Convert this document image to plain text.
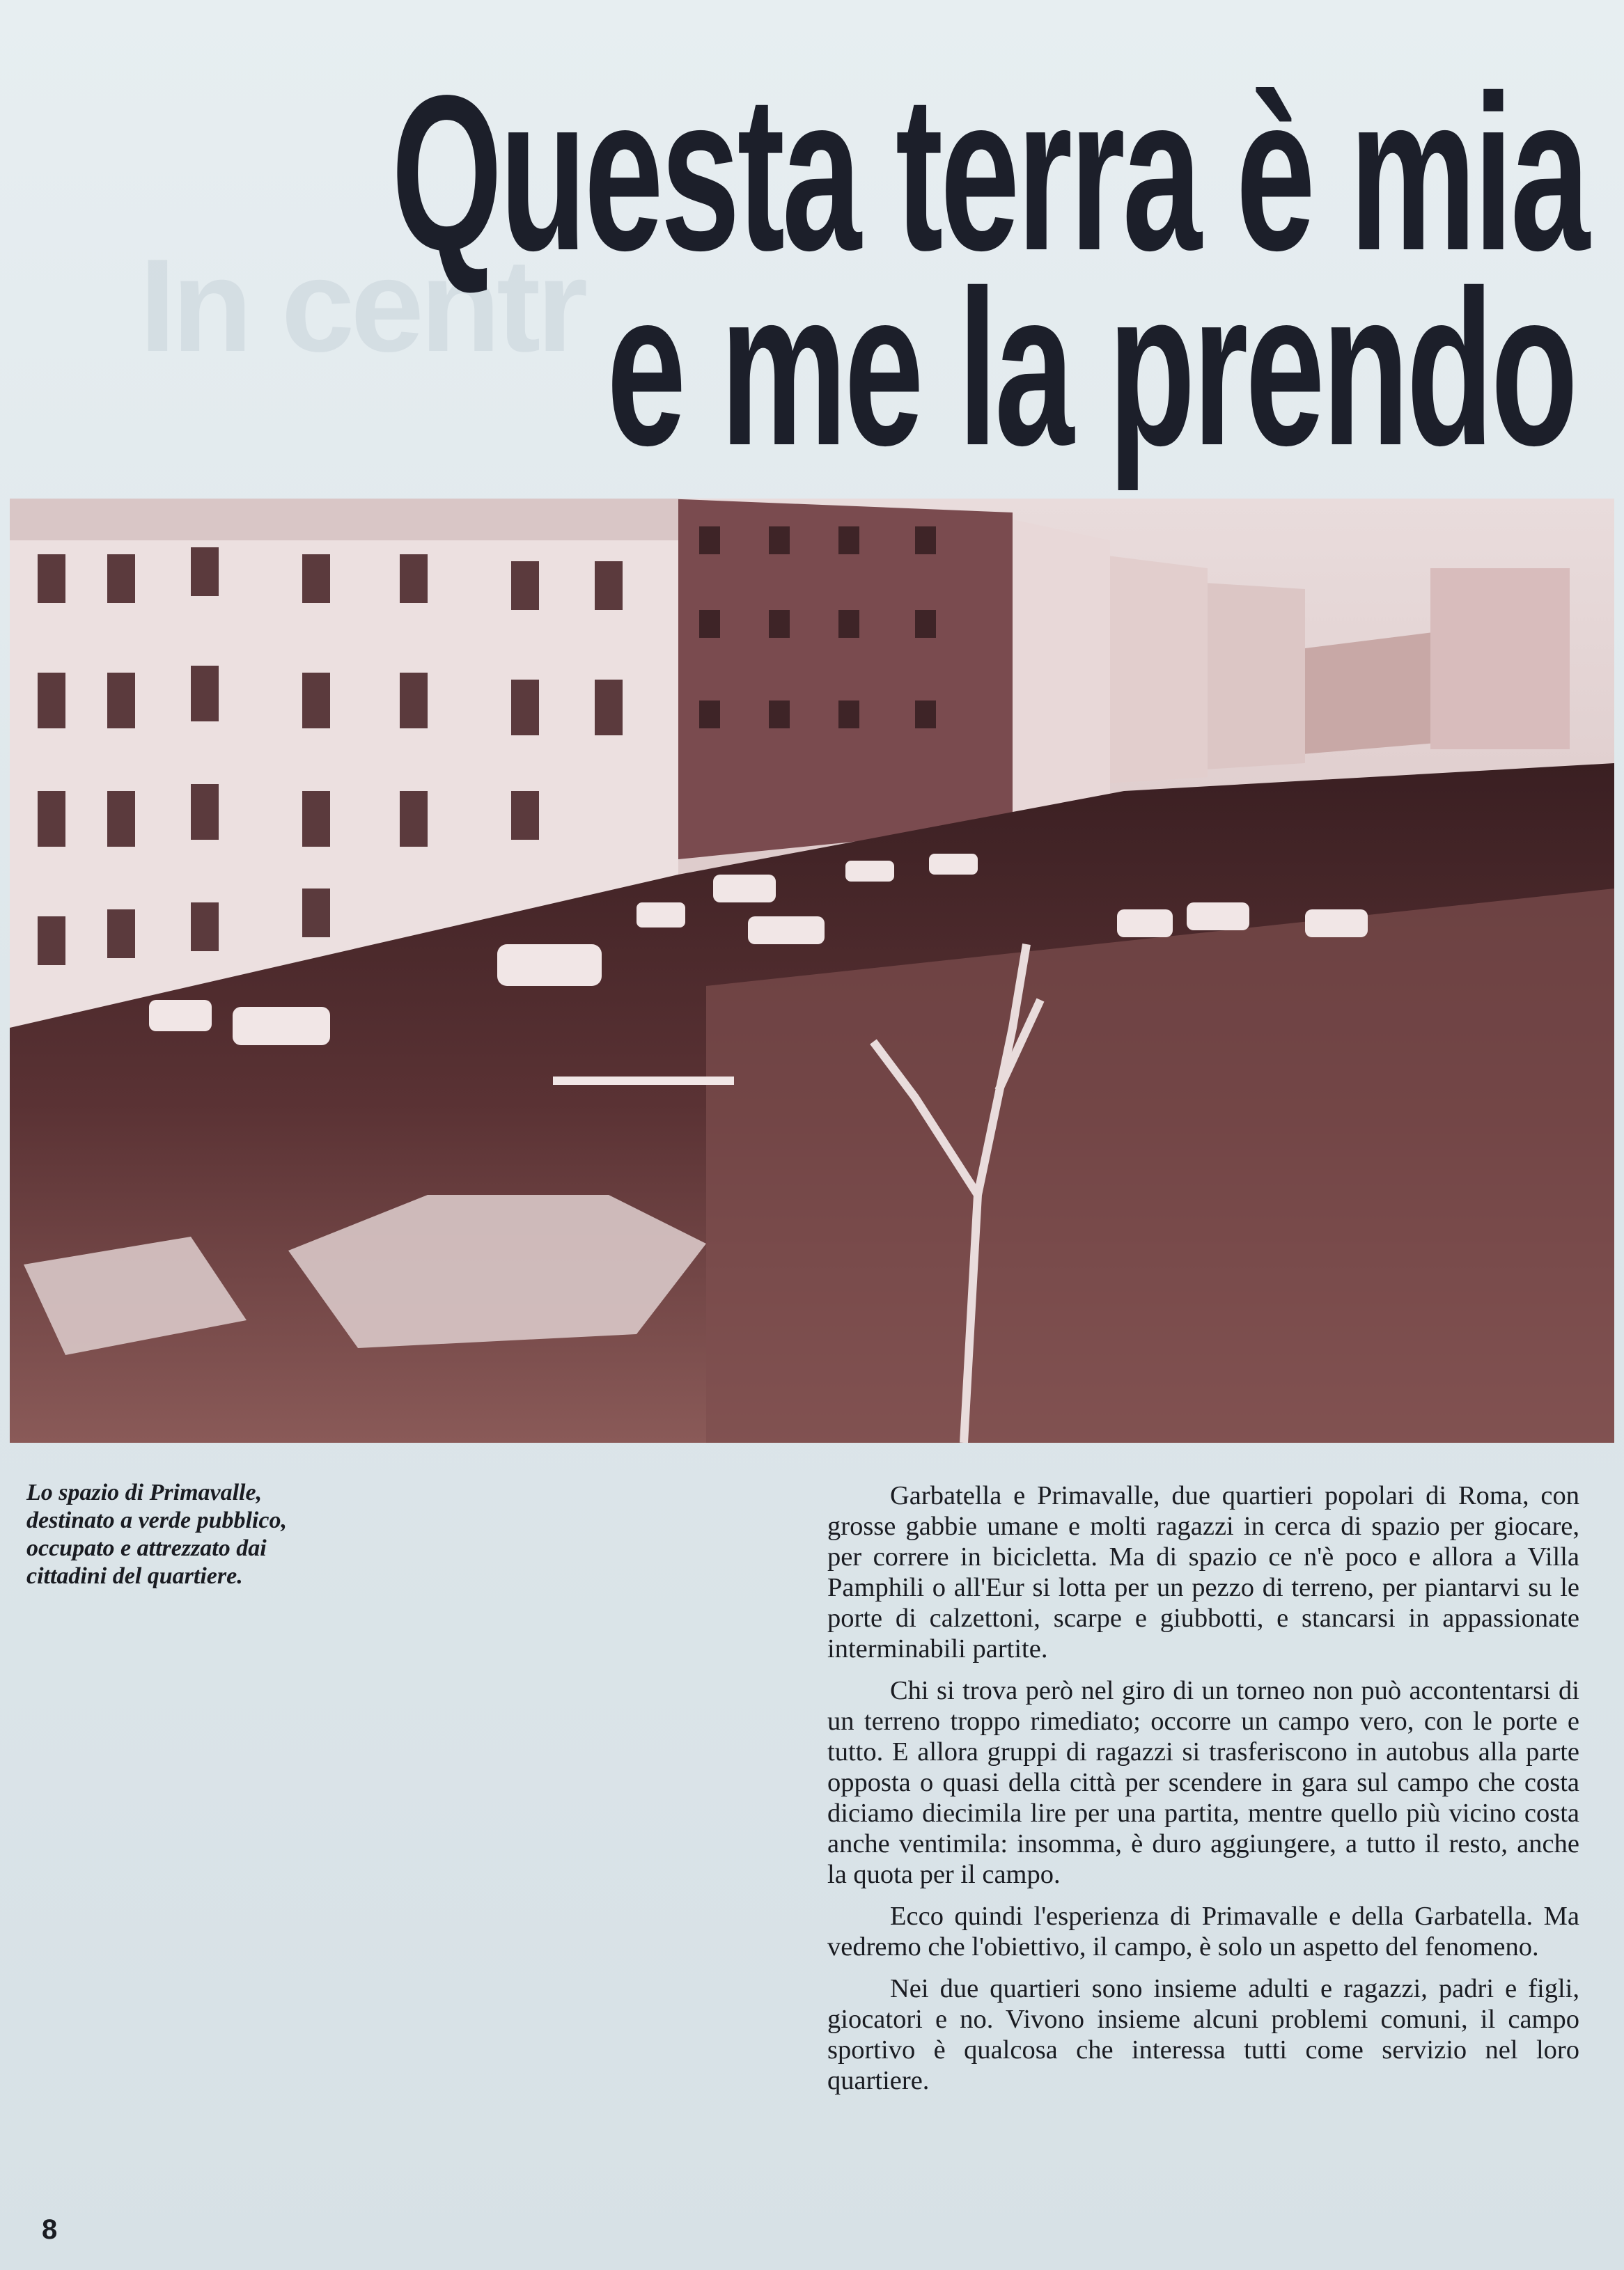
In centr
Questa terra è mia
e me la prendo
Lo spazio di Primavalle,
destinato a verde pubblico,
occupato e attrezzato dai
cittadini del quartiere.

Garbatella e Primavalle, due quartieri popolari di Roma, con grosse gabbie umane e molti ragazzi in cerca di spazio per giocare, per correre in bicicletta. Ma di spazio ce n'è poco e allora a Villa Pamphili o all'Eur si lotta per un pezzo di terreno, per piantarvi su le porte di calzettoni, scarpe e giubbotti, e stancarsi in appassionate interminabili partite.

Chi si trova però nel giro di un torneo non può accontentarsi di un terreno troppo rimediato; occorre un campo vero, con le porte e tutto. E allora gruppi di ragazzi si trasferiscono in autobus alla parte opposta o quasi della città per scendere in gara sul campo che costa diciamo diecimila lire per una partita, mentre quello più vicino costa anche ventimila: insomma, è duro aggiungere, a tutto il resto, anche la quota per il campo.

Ecco quindi l'esperienza di Primavalle e della Garbatella. Ma vedremo che l'obiettivo, il campo, è solo un aspetto del fenomeno.

Nei due quartieri sono insieme adulti e ragazzi, padri e figli, giocatori e no. Vivono insieme alcuni problemi comuni, il campo sportivo è qualcosa che interessa tutti come servizio nel loro quartiere.

8
